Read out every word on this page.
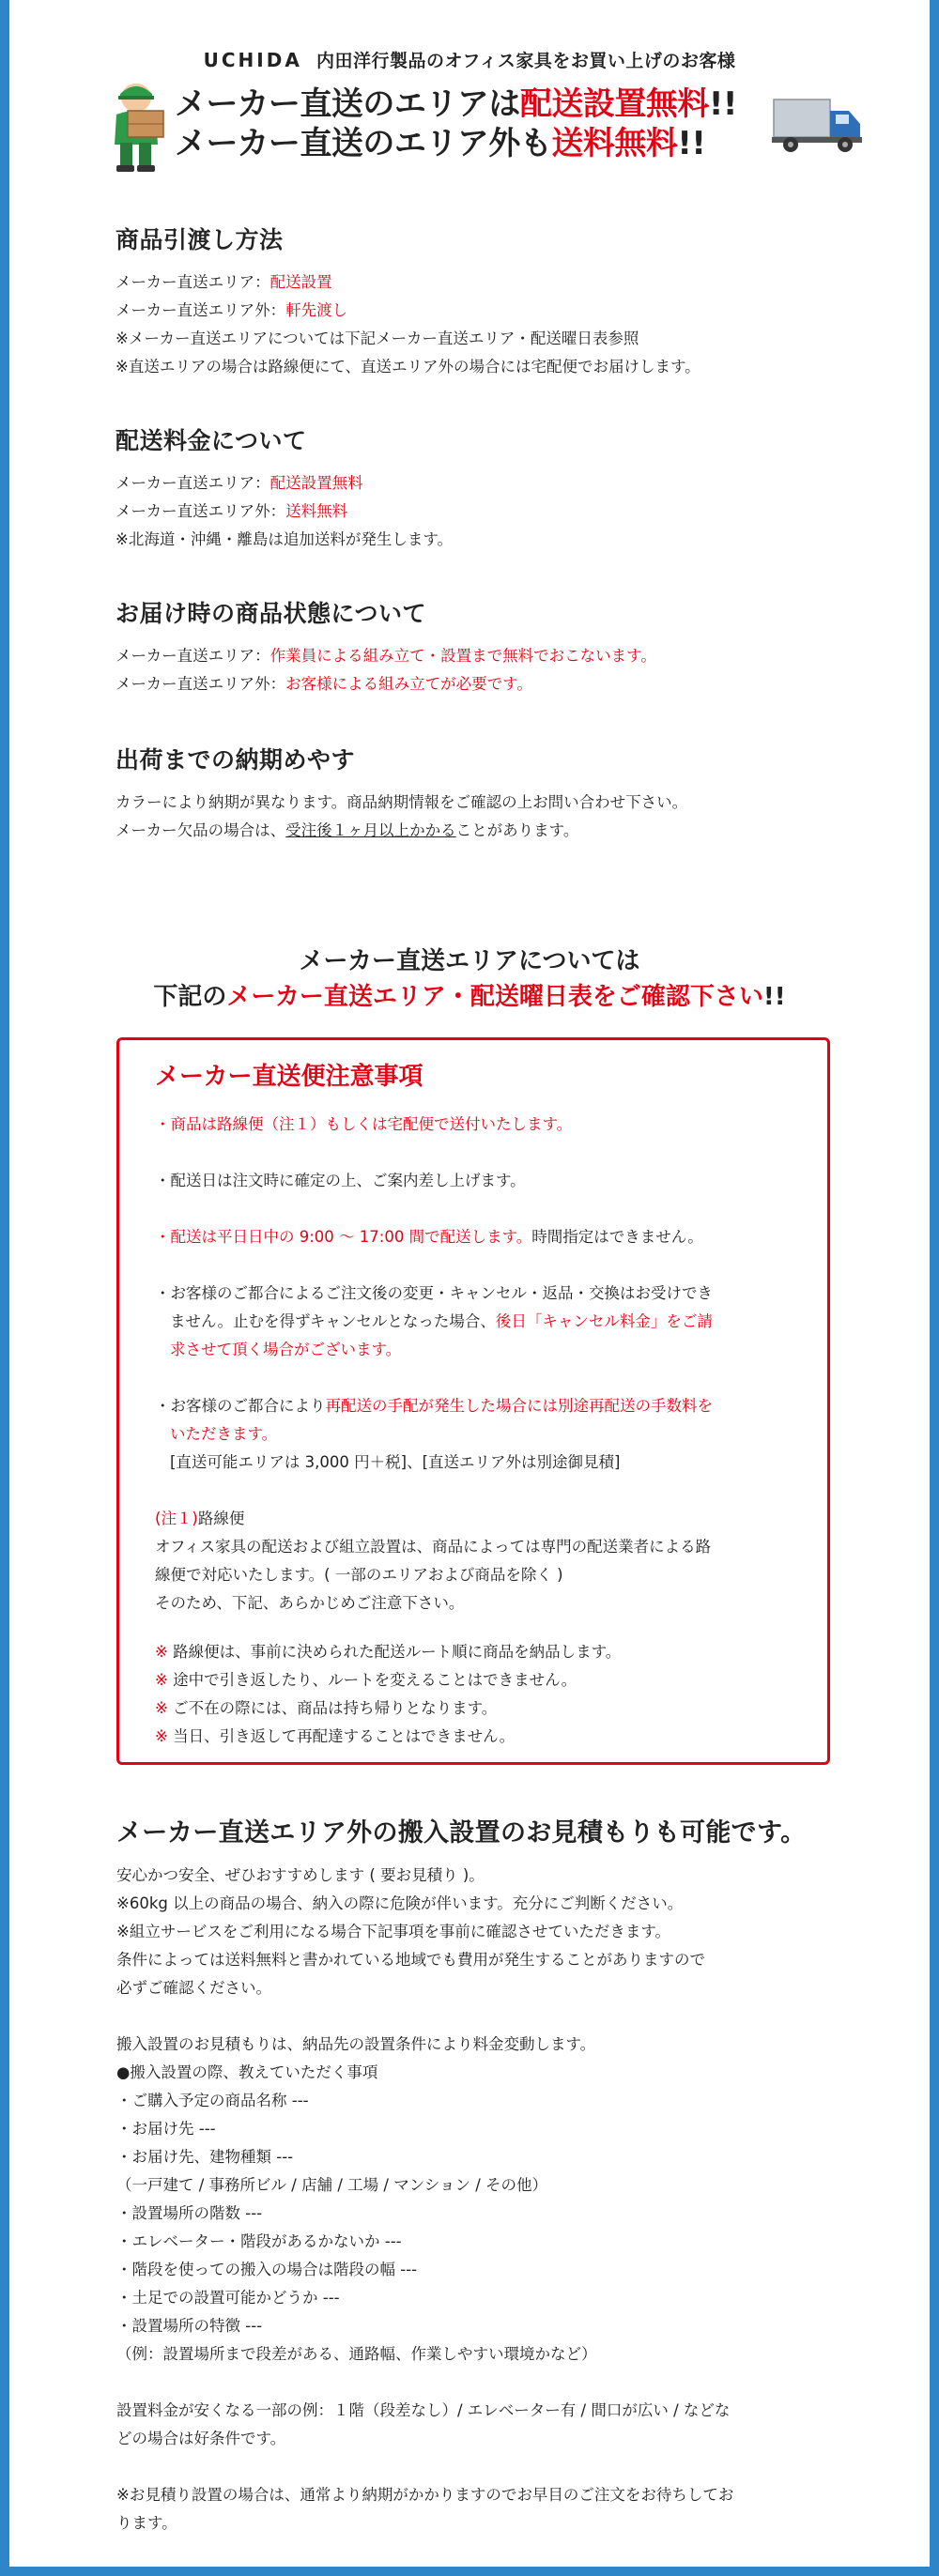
UCHIDA 内田洋行製品のオフィス家具をお買い上げのお客様
メーカー直送のエリアは配送設置無料!!
メーカー直送のエリア外も送料無料!!
商品引渡し方法

メーカー直送エリア：配送設置

メーカー直送エリア外：軒先渡し

※メーカー直送エリアについては下記メーカー直送エリア・配送曜日表参照

※直送エリアの場合は路線便にて、直送エリア外の場合には宅配便でお届けします。

配送料金について

メーカー直送エリア：配送設置無料

メーカー直送エリア外：送料無料

※北海道・沖縄・離島は追加送料が発生します。

お届け時の商品状態について

メーカー直送エリア：作業員による組み立て・設置まで無料でおこないます。

メーカー直送エリア外：お客様による組み立てが必要です。

出荷までの納期めやす

カラーにより納期が異なります。商品納期情報をご確認の上お問い合わせ下さい。

メーカー欠品の場合は、受注後１ヶ月以上かかることがあります。

メーカー直送エリアについては
下記のメーカー直送エリア・配送曜日表をご確認下さい!!
メーカー直送便注意事項
・商品は路線便（注１）もしくは宅配便で送付いたします。
・配送日は注文時に確定の上、ご案内差し上げます。
・配送は平日日中の 9:00 ～ 17:00 間で配送します。時間指定はできません。
・お客様のご都合によるご注文後の変更・キャンセル・返品・交換はお受けでき
ません。止むを得ずキャンセルとなった場合、後日「キャンセル料金」をご請
求させて頂く場合がございます。
・お客様のご都合により再配送の手配が発生した場合には別途再配送の手数料を
いただきます。
[直送可能エリアは 3,000 円＋税]、[直送エリア外は別途御見積]

(注１)路線便

オフィス家具の配送および組立設置は、商品によっては専門の配送業者による路
線便で対応いたします。( 一部のエリアおよび商品を除く )
そのため、下記、あらかじめご注意下さい。

※ 路線便は、事前に決められた配送ルート順に商品を納品します。

※ 途中で引き返したり、ルートを変えることはできません。

※ ご不在の際には、商品は持ち帰りとなります。

※ 当日、引き返して再配達することはできません。

メーカー直送エリア外の搬入設置のお見積もりも可能です。
安心かつ安全、ぜひおすすめします ( 要お見積り )。
※60kg 以上の商品の場合、納入の際に危険が伴います。充分にご判断ください。
※組立サービスをご利用になる場合下記事項を事前に確認させていただきます。
条件によっては送料無料と書かれている地域でも費用が発生することがありますので
必ずご確認ください。
搬入設置のお見積もりは、納品先の設置条件により料金変動します。
●搬入設置の際、教えていただく事項
・ご購入予定の商品名称 ---
・お届け先 ---
・お届け先、建物種類 ---
（一戸建て / 事務所ビル / 店舗 / 工場 / マンション / その他）
・設置場所の階数 ---
・エレベーター・階段があるかないか ---
・階段を使っての搬入の場合は階段の幅 ---
・土足での設置可能かどうか ---
・設置場所の特徴 ---
（例：設置場所まで段差がある、通路幅、作業しやすい環境かなど）
設置料金が安くなる一部の例：１階（段差なし）/ エレベーター有 / 間口が広い / などな
どの場合は好条件です。
※お見積り設置の場合は、通常より納期がかかりますのでお早目のご注文をお待ちしてお
ります。
